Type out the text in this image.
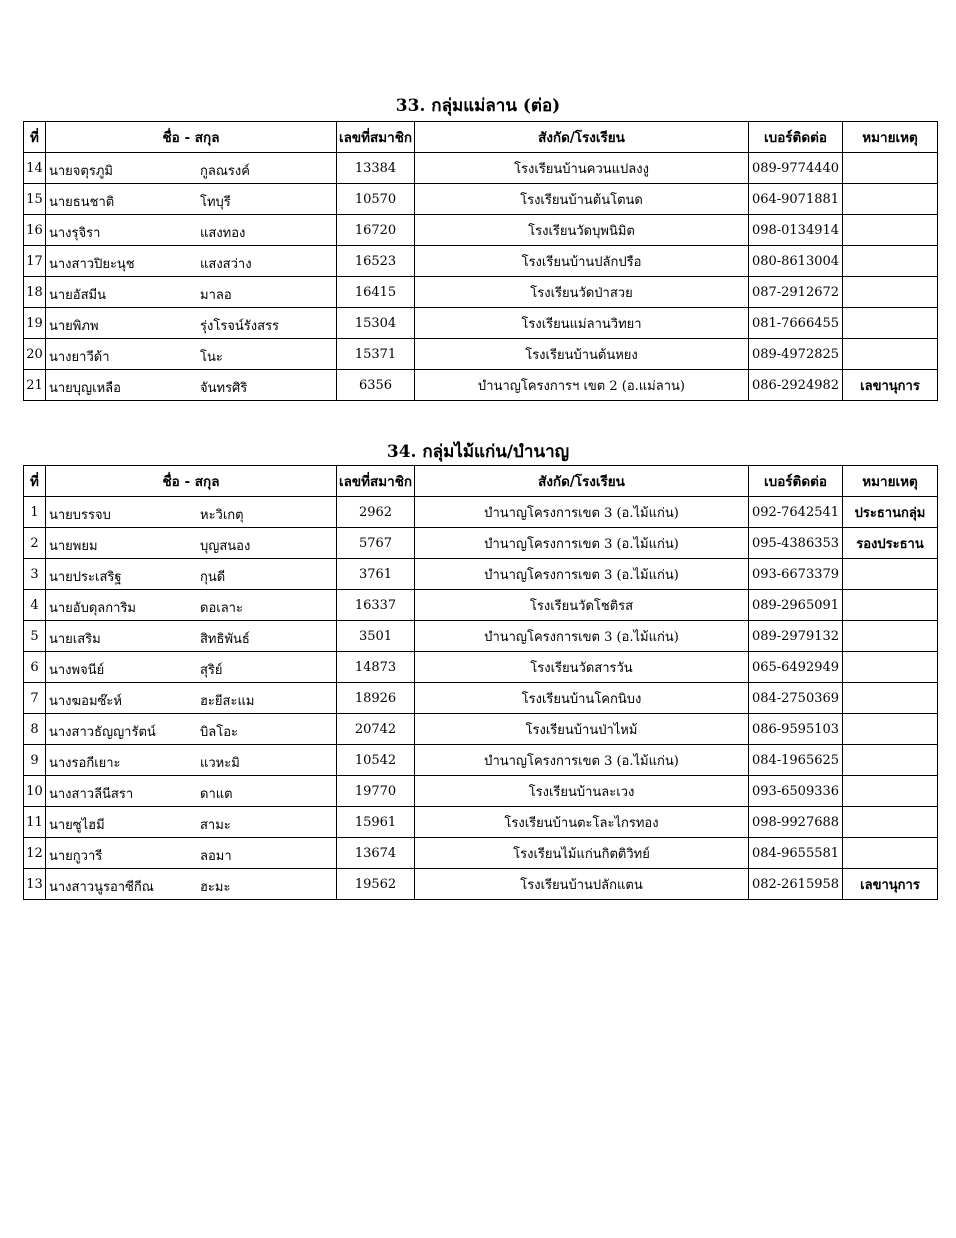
33. กลุ่มแม่ลาน (ต่อ)
ที่	ชื่อ - สกุล	เลขที่สมาชิก	สังกัด/โรงเรียน	เบอร์ติดต่อ	หมายเหตุ
14	นายจตุรภูมิ กูลณรงค์	13384	โรงเรียนบ้านควนแปลงงู	089-9774440	
15	นายธนชาติ โทบุรี	10570	โรงเรียนบ้านต้นโตนด	064-9071881	
16	นางรุจิรา แสงทอง	16720	โรงเรียนวัดบุพนิมิต	098-0134914	
17	นางสาวปิยะนุช แสงสว่าง	16523	โรงเรียนบ้านปลักปรือ	080-8613004	
18	นายอัสมีน มาลอ	16415	โรงเรียนวัดป่าสวย	087-2912672	
19	นายพิภพ รุ่งโรจน์รังสรร	15304	โรงเรียนแม่ลานวิทยา	081-7666455	
20	นางยาวีด้า โนะ	15371	โรงเรียนบ้านต้นหยง	089-4972825	
21	นายบุญเหลือ จันทรศิริ	6356	บำนาญโครงการฯ เขต 2 (อ.แม่ลาน)	086-2924982	เลขานุการ
34. กลุ่มไม้แก่น/บำนาญ
ที่	ชื่อ - สกุล	เลขที่สมาชิก	สังกัด/โรงเรียน	เบอร์ติดต่อ	หมายเหตุ
1	นายบรรจบ หะวิเกตุ	2962	บำนาญโครงการเขต 3 (อ.ไม้แก่น)	092-7642541	ประธานกลุ่ม
2	นายพยม บุญสนอง	5767	บำนาญโครงการเขต 3 (อ.ไม้แก่น)	095-4386353	รองประธาน
3	นายประเสริฐ กุนดี	3761	บำนาญโครงการเขต 3 (อ.ไม้แก่น)	093-6673379	
4	นายอับดุลการิม ดอเลาะ	16337	โรงเรียนวัดโชติรส	089-2965091	
5	นายเสริม สิทธิพันธ์	3501	บำนาญโครงการเขต 3 (อ.ไม้แก่น)	089-2979132	
6	นางพจนีย์ สุริย์	14873	โรงเรียนวัดสารวัน	065-6492949	
7	นางฆอมซ๊ะห์ ฮะยีสะแม	18926	โรงเรียนบ้านโคกนิบง	084-2750369	
8	นางสาวธัญญารัตน์ บิลโอะ	20742	โรงเรียนบ้านป่าไหม้	086-9595103	
9	นางรอกีเยาะ แวหะมิ	10542	บำนาญโครงการเขต 3 (อ.ไม้แก่น)	084-1965625	
10	นางสาวลีนีสรา ดาแต	19770	โรงเรียนบ้านละเวง	093-6509336	
11	นายซูไฮมี สามะ	15961	โรงเรียนบ้านตะโละไกรทอง	098-9927688	
12	นายกูวารี ลอมา	13674	โรงเรียนไม้แก่นกิตติวิทย์	084-9655581	
13	นางสาวนูรอาซีกีณ ฮะมะ	19562	โรงเรียนบ้านปลักแตน	082-2615958	เลขานุการ
